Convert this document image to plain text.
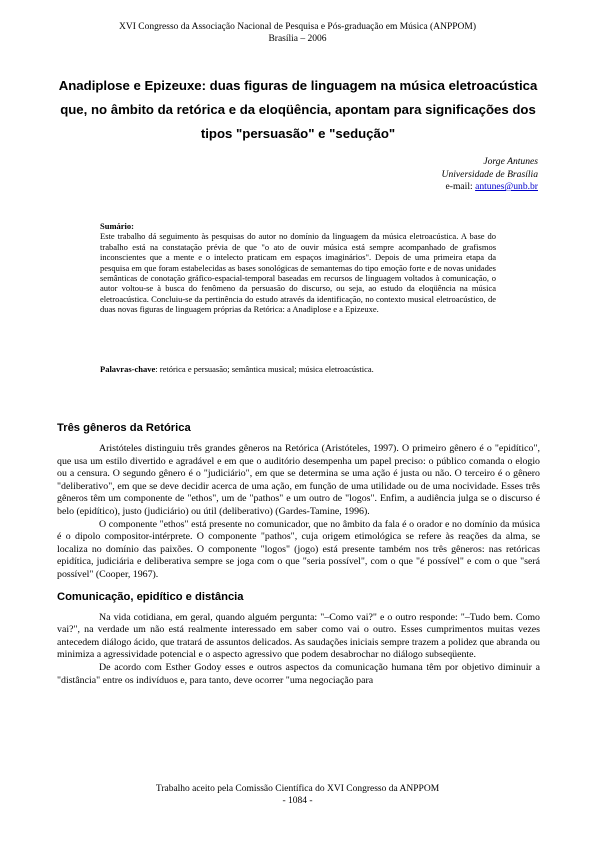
XVI Congresso da Associação Nacional de Pesquisa e Pós-graduação em Música (ANPPOM)
Brasília – 2006
Anadiplose e Epizeuxe: duas figuras de linguagem na música eletroacústica que, no âmbito da retórica e da eloqüência, apontam para significações dos tipos "persuasão" e "sedução"
Jorge Antunes
Universidade de Brasília
e-mail: antunes@unb.br
Sumário:
Este trabalho dá seguimento às pesquisas do autor no domínio da linguagem da música eletroacústica. A base do trabalho está na constatação prévia de que "o ato de ouvir música está sempre acompanhado de grafismos inconscientes que a mente e o intelecto praticam em espaços imaginários". Depois de uma primeira etapa da pesquisa em que foram estabelecidas as bases sonológicas de semantemas do tipo emoção forte e de novas unidades semânticas de conotação gráfico-espacial-temporal baseadas em recursos de linguagem voltados à comunicação, o autor voltou-se à busca do fenômeno da persuasão do discurso, ou seja, ao estudo da eloqüência na música eletroacústica. Concluiu-se da pertinência do estudo através da identificação, no contexto musical eletroacústico, de duas novas figuras de linguagem próprias da Retórica: a Anadiplose e a Epizeuxe.
Palavras-chave: retórica e persuasão; semântica musical; música eletroacústica.
Três gêneros da Retórica

Aristóteles distinguiu três grandes gêneros na Retórica (Aristóteles, 1997). O primeiro gênero é o "epidítico", que usa um estilo divertido e agradável e em que o auditório desempenha um papel preciso: o público comanda o elogio ou a censura. O segundo gênero é o "judiciário", em que se determina se uma ação é justa ou não. O terceiro é o gênero "deliberativo", em que se deve decidir acerca de uma ação, em função de uma utilidade ou de uma nocividade. Esses três gêneros têm um componente de "ethos", um de "pathos" e um outro de "logos". Enfim, a audiência julga se o discurso é belo (epidítico), justo (judiciário) ou útil (deliberativo) (Gardes-Tamine, 1996).

O componente "ethos" está presente no comunicador, que no âmbito da fala é o orador e no domínio da música é o dipolo compositor-intérprete. O componente "pathos", cuja origem etimológica se refere às reações da alma, se localiza no domínio das paixões. O componente "logos" (jogo) está presente também nos três gêneros: nas retóricas epidítica, judiciária e deliberativa sempre se joga com o que "seria possível", com o que "é possível" e com o que "será possível" (Cooper, 1967).

Comunicação, epidítico e distância

Na vida cotidiana, em geral, quando alguém pergunta: "–Como vai?" e o outro responde: "–Tudo bem. Como vai?", na verdade um não está realmente interessado em saber como vai o outro. Esses cumprimentos muitas vezes antecedem diálogo ácido, que tratará de assuntos delicados. As saudações iniciais sempre trazem a polidez que abranda ou minimiza a agressividade potencial e o aspecto agressivo que podem desabrochar no diálogo subseqüente.

De acordo com Esther Godoy esses e outros aspectos da comunicação humana têm por objetivo diminuir a "distância" entre os indivíduos e, para tanto, deve ocorrer "uma negociação para

Trabalho aceito pela Comissão Científica do XVI Congresso da ANPPOM
- 1084 -
